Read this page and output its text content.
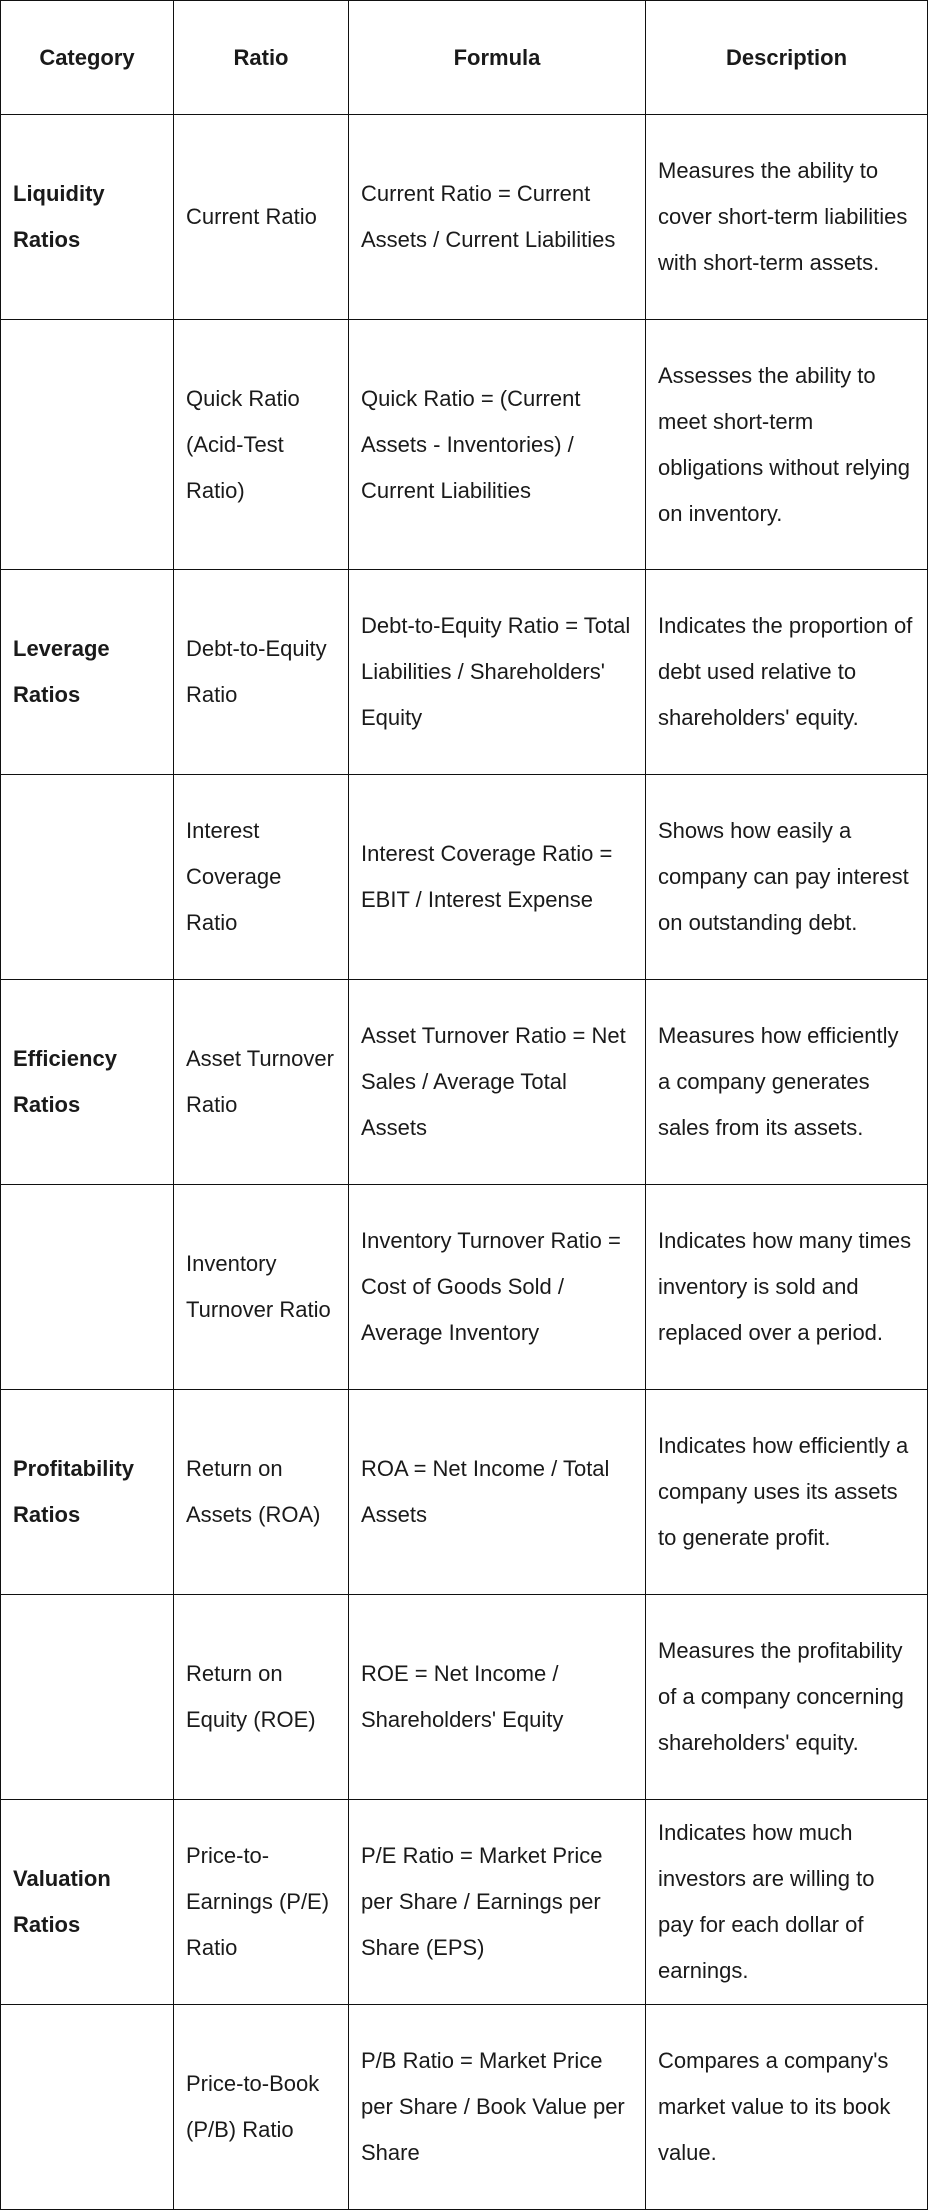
Category	Ratio	Formula	Description
Liquidity Ratios	Current Ratio	Current Ratio = Current Assets / Current Liabilities	Measures the ability to cover short-term liabilities with short-term assets.
	Quick Ratio (Acid-Test Ratio)	Quick Ratio = (Current Assets - Inventories) / Current Liabilities	Assesses the ability to meet short-term obligations without relying on inventory.
Leverage Ratios	Debt-to-Equity Ratio	Debt-to-Equity Ratio = Total Liabilities / Shareholders' Equity	Indicates the proportion of debt used relative to shareholders' equity.
	Interest Coverage Ratio	Interest Coverage Ratio = EBIT / Interest Expense	Shows how easily a company can pay interest on outstanding debt.
Efficiency Ratios	Asset Turnover Ratio	Asset Turnover Ratio = Net Sales / Average Total Assets	Measures how efficiently a company generates sales from its assets.
	Inventory Turnover Ratio	Inventory Turnover Ratio = Cost of Goods Sold / Average Inventory	Indicates how many times inventory is sold and replaced over a period.
Profitability Ratios	Return on Assets (ROA)	ROA = Net Income / Total Assets	Indicates how efficiently a company uses its assets to generate profit.
	Return on Equity (ROE)	ROE = Net Income / Shareholders' Equity	Measures the profitability of a company concerning shareholders' equity.
Valuation Ratios	Price-to-Earnings (P/E) Ratio	P/E Ratio = Market Price per Share / Earnings per Share (EPS)	Indicates how much investors are willing to pay for each dollar of earnings.
	Price-to-Book (P/B) Ratio	P/B Ratio = Market Price per Share / Book Value per Share	Compares a company's market value to its book value.
